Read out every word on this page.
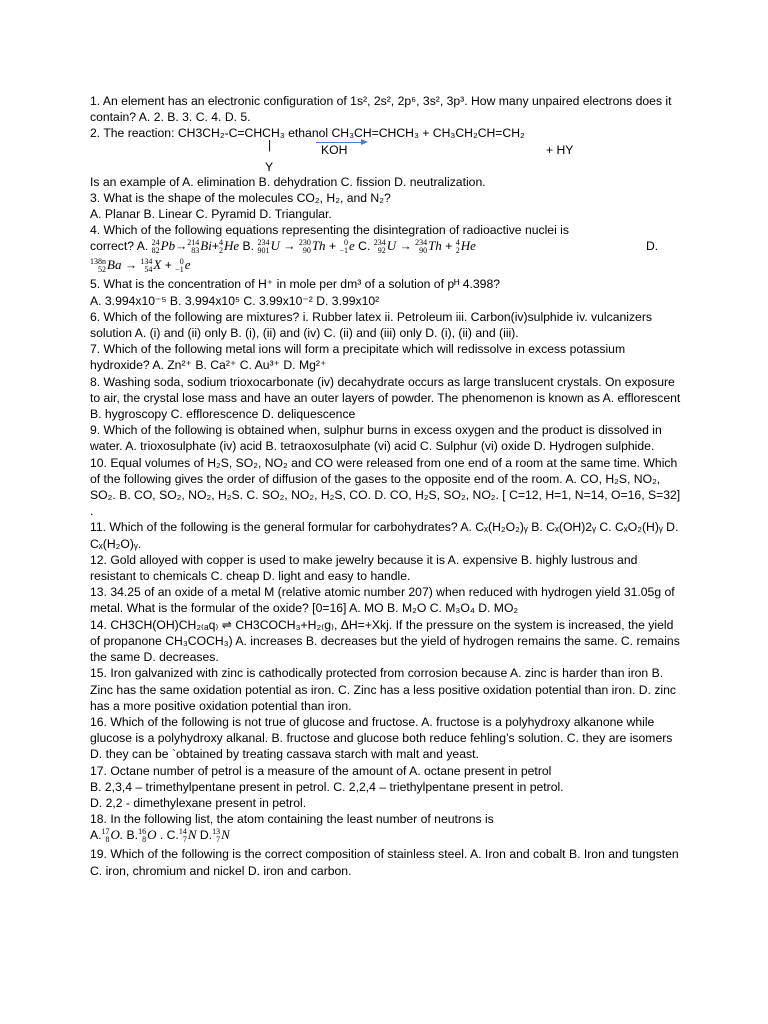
1. An element has an electronic configuration of 1s², 2s², 2p⁶, 3s², 3p³. How many unpaired electrons does it contain? A. 2. B. 3. C. 4. D. 5.

2. The reaction: CH3CH₂-C=CHCH₃ ethanol CH₃CH=CHCH₃ + CH₃CH₂CH=CH₂

|	KOH	+ HY
Y

Is an example of A. elimination B. dehydration C. fission D. neutralization.

3. What is the shape of the molecules CO₂, H₂, and N₂?

A. Planar B. Linear C. Pyramid D. Triangular.

4. Which of the following equations representing the disintegration of radioactive nuclei is

correct? A. 24
82 Pb→ 214
83 Bi+ 4
2 He B. 234
901 U → 230
90 Th + 0
−1 e C. 234
92 U → 234
90 Th + 4
2 He	D.
138n
52 Ba → 134
54 X + 0
−1 e

5. What is the concentration of H⁺ in mole per dm³ of a solution of pᴴ 4.398?

A. 3.994x10⁻⁵ B. 3.994x10⁵ C. 3.99x10⁻² D. 3.99x10²

6. Which of the following are mixtures? i. Rubber latex ii. Petroleum iii. Carbon(iv)sulphide iv. vulcanizers solution A. (i) and (ii) only B. (i), (ii) and (iv) C. (ii) and (iii) only D. (i), (ii) and (iii).

7. Which of the following metal ions will form a precipitate which will redissolve in excess potassium hydroxide? A. Zn²⁺ B. Ca²⁺ C. Au³⁺ D. Mg²⁺

8. Washing soda, sodium trioxocarbonate (iv) decahydrate occurs as large translucent crystals. On exposure to air, the crystal lose mass and have an outer layers of powder. The phenomenon is known as A. efflorescent B. hygroscopy C. efflorescence D. deliquescence

9. Which of the following is obtained when, sulphur burns in excess oxygen and the product is dissolved in water. A. trioxosulphate (iv) acid B. tetraoxosulphate (vi) acid C. Sulphur (vi) oxide D. Hydrogen sulphide.

10. Equal volumes of H₂S, SO₂, NO₂ and CO were released from one end of a room at the same time. Which of the following gives the order of diffusion of the gases to the opposite end of the room. A. CO, H₂S, NO₂, SO₂. B. CO, SO₂, NO₂, H₂S. C. SO₂, NO₂, H₂S, CO. D. CO, H₂S, SO₂, NO₂. [ C=12, H=1, N=14, O=16, S=32] .

11. Which of the following is the general formular for carbohydrates? A. Cₓ(H₂O₂)ᵧ B. Cₓ(OH)2ᵧ C. CₓO₂(H)ᵧ D. Cₓ(H₂O)ᵧ.

12. Gold alloyed with copper is used to make jewelry because it is A. expensive B. highly lustrous and resistant to chemicals C. cheap D. light and easy to handle.

13. 34.25 of an oxide of a metal M (relative atomic number 207) when reduced with hydrogen yield 31.05g of metal. What is the formular of the oxide? [0=16] A. MO B. M₂O C. M₃O₄ D. MO₂

14. CH3CH(OH)CH₂₍ₐq₎ ⇌ CH3COCH₃+H₂₍g₎, ΔH=+Xkj. If the pressure on the system is increased, the yield of propanone CH₃COCH₃) A. increases B. decreases but the yield of hydrogen remains the same. C. remains the same D. decreases.

15. Iron galvanized with zinc is cathodically protected from corrosion because A. zinc is harder than iron B. Zinc has the same oxidation potential as iron. C. Zinc has a less positive oxidation potential than iron. D. zinc has a more positive oxidation potential than iron.

16. Which of the following is not true of glucose and fructose. A. fructose is a polyhydroxy alkanone while glucose is a polyhydroxy alkanal. B. fructose and glucose both reduce fehling’s solution. C. they are isomers D. they can be `obtained by treating cassava starch with malt and yeast.

17. Octane number of petrol is a measure of the amount of A. octane present in petrol

B. 2,3,4 – trimethylpentane present in petrol. C. 2,2,4 – triethylpentane present in petrol.

D. 2,2 - dimethylexane present in petrol.

18. In the following list, the atom containing the least number of neutrons is

A. 17
8 O. B. 16
8 O . C. 14
7 N D. 13
7 N

19. Which of the following is the correct composition of stainless steel. A. Iron and cobalt B. Iron and tungsten C. iron, chromium and nickel D. iron and carbon.
